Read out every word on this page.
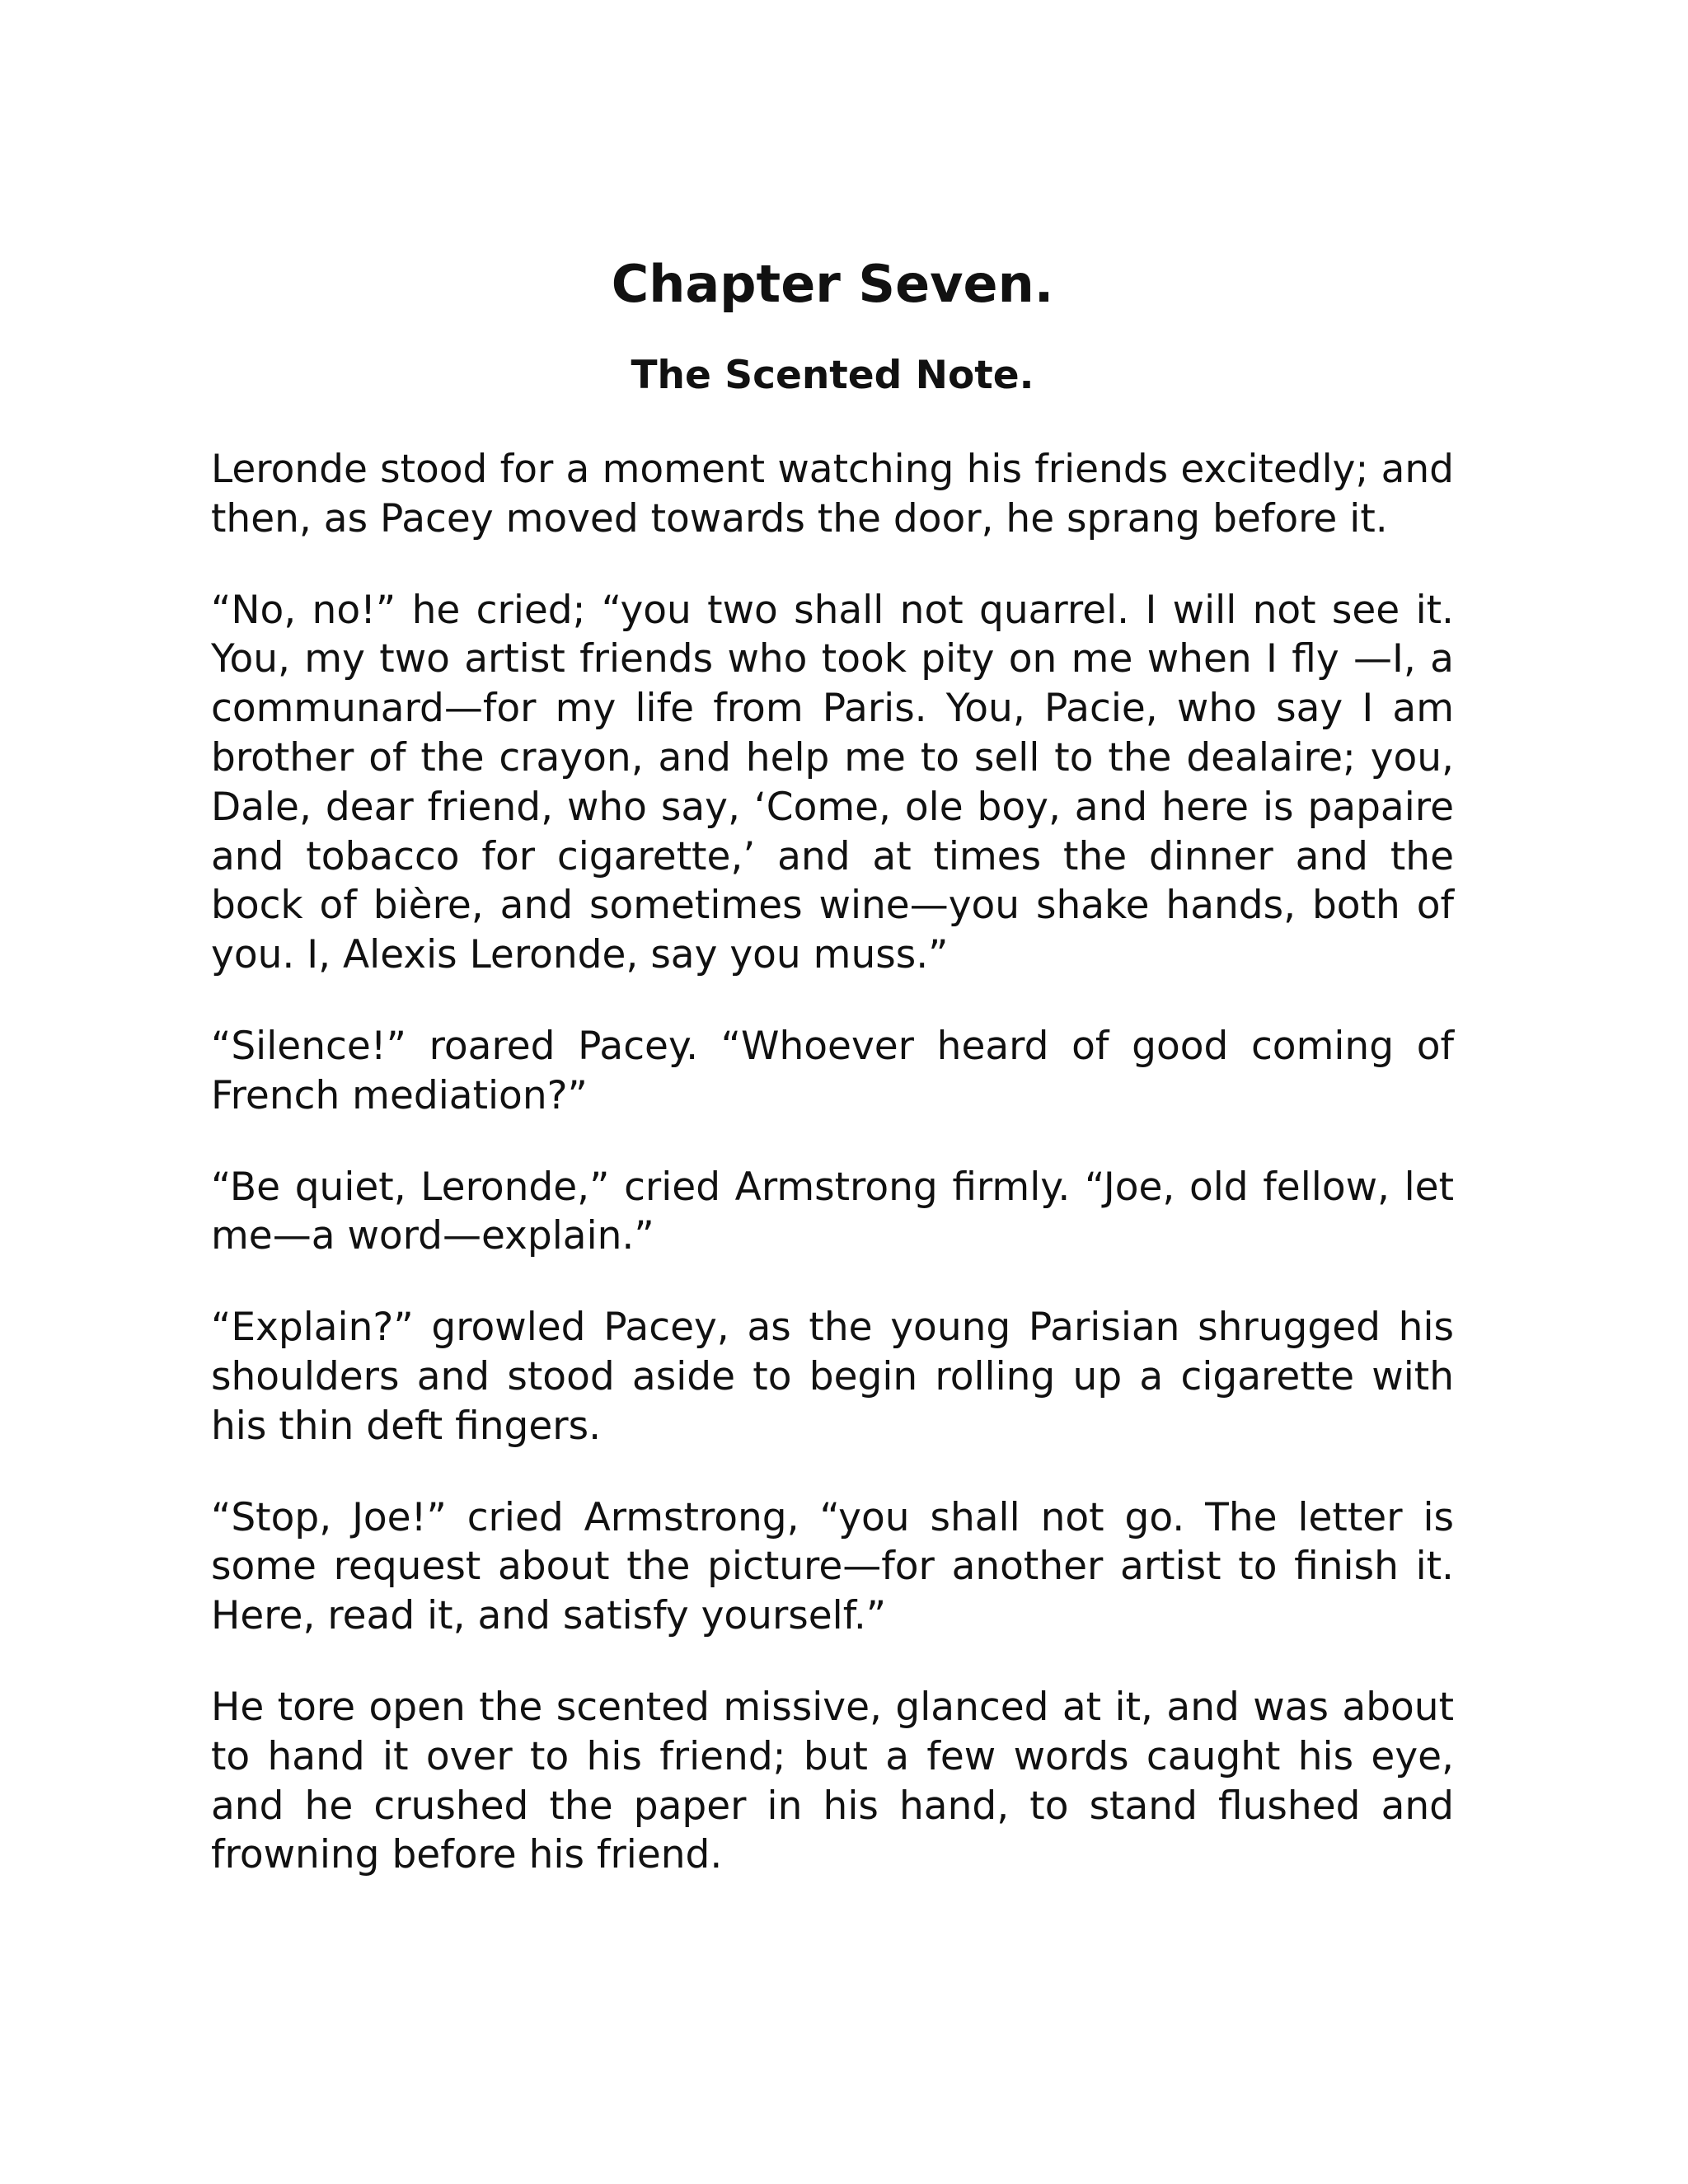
Chapter Seven.
The Scented Note.

Leronde stood for a moment watching his friends excitedly; and then, as Pacey moved towards the door, he sprang before it.

“No, no!” he cried; “you two shall not quarrel. I will not see it. You, my two artist friends who took pity on me when I fly —I, a communard—for my life from Paris. You, Pacie, who say I am brother of the crayon, and help me to sell to the dealaire; you, Dale, dear friend, who say, ‘Come, ole boy, and here is papaire and tobacco for cigarette,’ and at times the dinner and the bock of bière, and sometimes wine—you shake hands, both of you. I, Alexis Leronde, say you muss.”

“Silence!” roared Pacey. “Whoever heard of good coming of French mediation?”

“Be quiet, Leronde,” cried Armstrong firmly. “Joe, old fellow, let me—a word—explain.”

“Explain?” growled Pacey, as the young Parisian shrugged his shoulders and stood aside to begin rolling up a cigarette with his thin deft fingers.

“Stop, Joe!” cried Armstrong, “you shall not go. The letter is some request about the picture—for another artist to finish it. Here, read it, and satisfy yourself.”

He tore open the scented missive, glanced at it, and was about to hand it over to his friend; but a few words caught his eye, and he crushed the paper in his hand, to stand flushed and frowning before his friend.
